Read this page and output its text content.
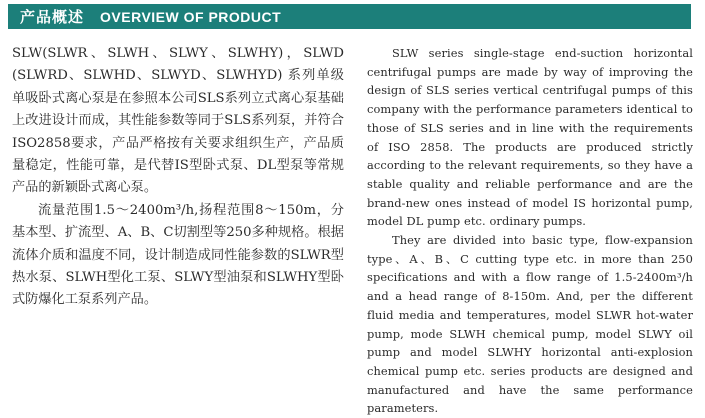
产品概述 OVERVIEW OF PRODUCT

SLW(SLWR、SLWH、SLWY、SLWHY)，SLWD (SLWRD、SLWHD、SLWYD、SLWHYD) 系列单级单吸卧式离心泵是在参照本公司SLS系列立式离心泵基础上改进设计而成，其性能参数等同于SLS系列泵，并符合ISO2858要求，产品严格按有关要求组织生产，产品质量稳定，性能可靠，是代替IS型卧式泵、DL型泵等常规产品的新颖卧式离心泵。

流量范围1.5～2400m³/h,扬程范围8～150m，分基本型、扩流型、A、B、C切割型等250多种规格。根据流体介质和温度不同，设计制造成同性能参数的SLWR型热水泵、SLWH型化工泵、SLWY型油泵和SLWHY型卧式防爆化工泵系列产品。

SLW series single-stage end-suction horizontal centrifugal pumps are made by way of improving the design of SLS series vertical centrifugal pumps of this company with the performance parameters identical to those of SLS series and in line with the requirements of ISO 2858. The products are produced strictly according to the relevant requirements, so they have a stable quality and reliable performance and are the brand-new ones instead of model IS horizontal pump, model DL pump etc. ordinary pumps.

They are divided into basic type, flow-expansion type、A、B、C cutting type etc. in more than 250 specifications and with a flow range of 1.5-2400m³/h and a head range of 8-150m. And, per the different fluid media and temperatures, model SLWR hot-water pump, mode SLWH chemical pump, model SLWY oil pump and model SLWHY horizontal anti-explosion chemical pump etc. series products are designed and manufactured and have the same performance parameters.
